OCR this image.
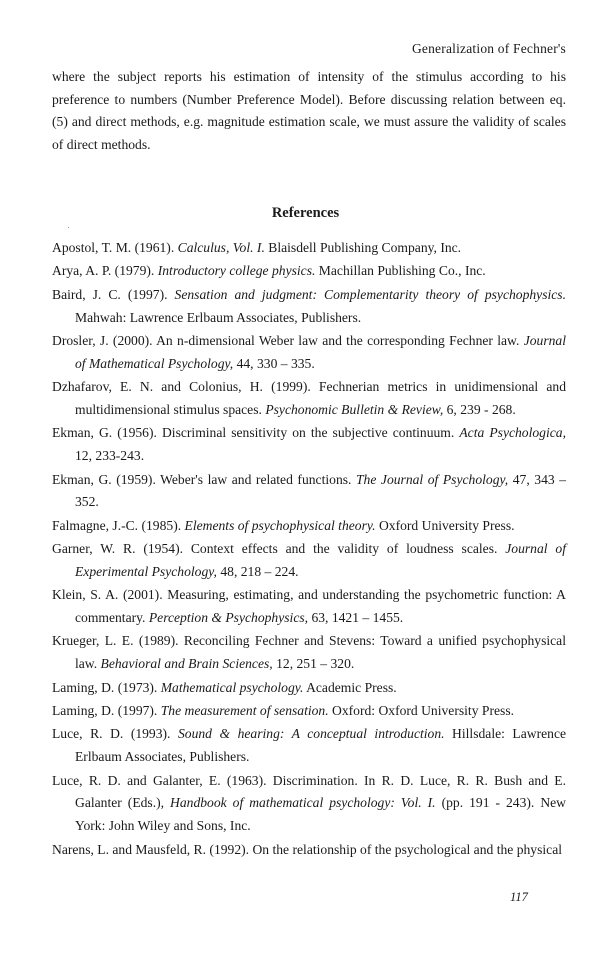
Generalization of Fechner's

where the subject reports his estimation of intensity of the stimulus according to his preference to numbers (Number Preference Model). Before discussing relation between eq. (5) and direct methods, e.g. magnitude estimation scale, we must assure the validity of scales of direct methods.

References
Apostol, T. M. (1961). Calculus, Vol. I. Blaisdell Publishing Company, Inc.
Arya, A. P. (1979). Introductory college physics. Machillan Publishing Co., Inc.
Baird, J. C. (1997). Sensation and judgment: Complementarity theory of psychophysics. Mahwah: Lawrence Erlbaum Associates, Publishers.
Drosler, J. (2000). An n-dimensional Weber law and the corresponding Fechner law. Journal of Mathematical Psychology, 44, 330 – 335.
Dzhafarov, E. N. and Colonius, H. (1999). Fechnerian metrics in unidimensional and multidimensional stimulus spaces. Psychonomic Bulletin & Review, 6, 239 - 268.
Ekman, G. (1956). Discriminal sensitivity on the subjective continuum. Acta Psychologica, 12, 233-243.
Ekman, G. (1959). Weber's law and related functions. The Journal of Psychology, 47, 343 – 352.
Falmagne, J.-C. (1985). Elements of psychophysical theory. Oxford University Press.
Garner, W. R. (1954). Context effects and the validity of loudness scales. Journal of Experimental Psychology, 48, 218 – 224.
Klein, S. A. (2001). Measuring, estimating, and understanding the psychometric function: A commentary. Perception & Psychophysics, 63, 1421 – 1455.
Krueger, L. E. (1989). Reconciling Fechner and Stevens: Toward a unified psychophysical law. Behavioral and Brain Sciences, 12, 251 – 320.
Laming, D. (1973). Mathematical psychology. Academic Press.
Laming, D. (1997). The measurement of sensation. Oxford: Oxford University Press.
Luce, R. D. (1993). Sound & hearing: A conceptual introduction. Hillsdale: Lawrence Erlbaum Associates, Publishers.
Luce, R. D. and Galanter, E. (1963). Discrimination. In R. D. Luce, R. R. Bush and E. Galanter (Eds.), Handbook of mathematical psychology: Vol. I. (pp. 191 - 243). New York: John Wiley and Sons, Inc.
Narens, L. and Mausfeld, R. (1992). On the relationship of the psychological and the physical
117
